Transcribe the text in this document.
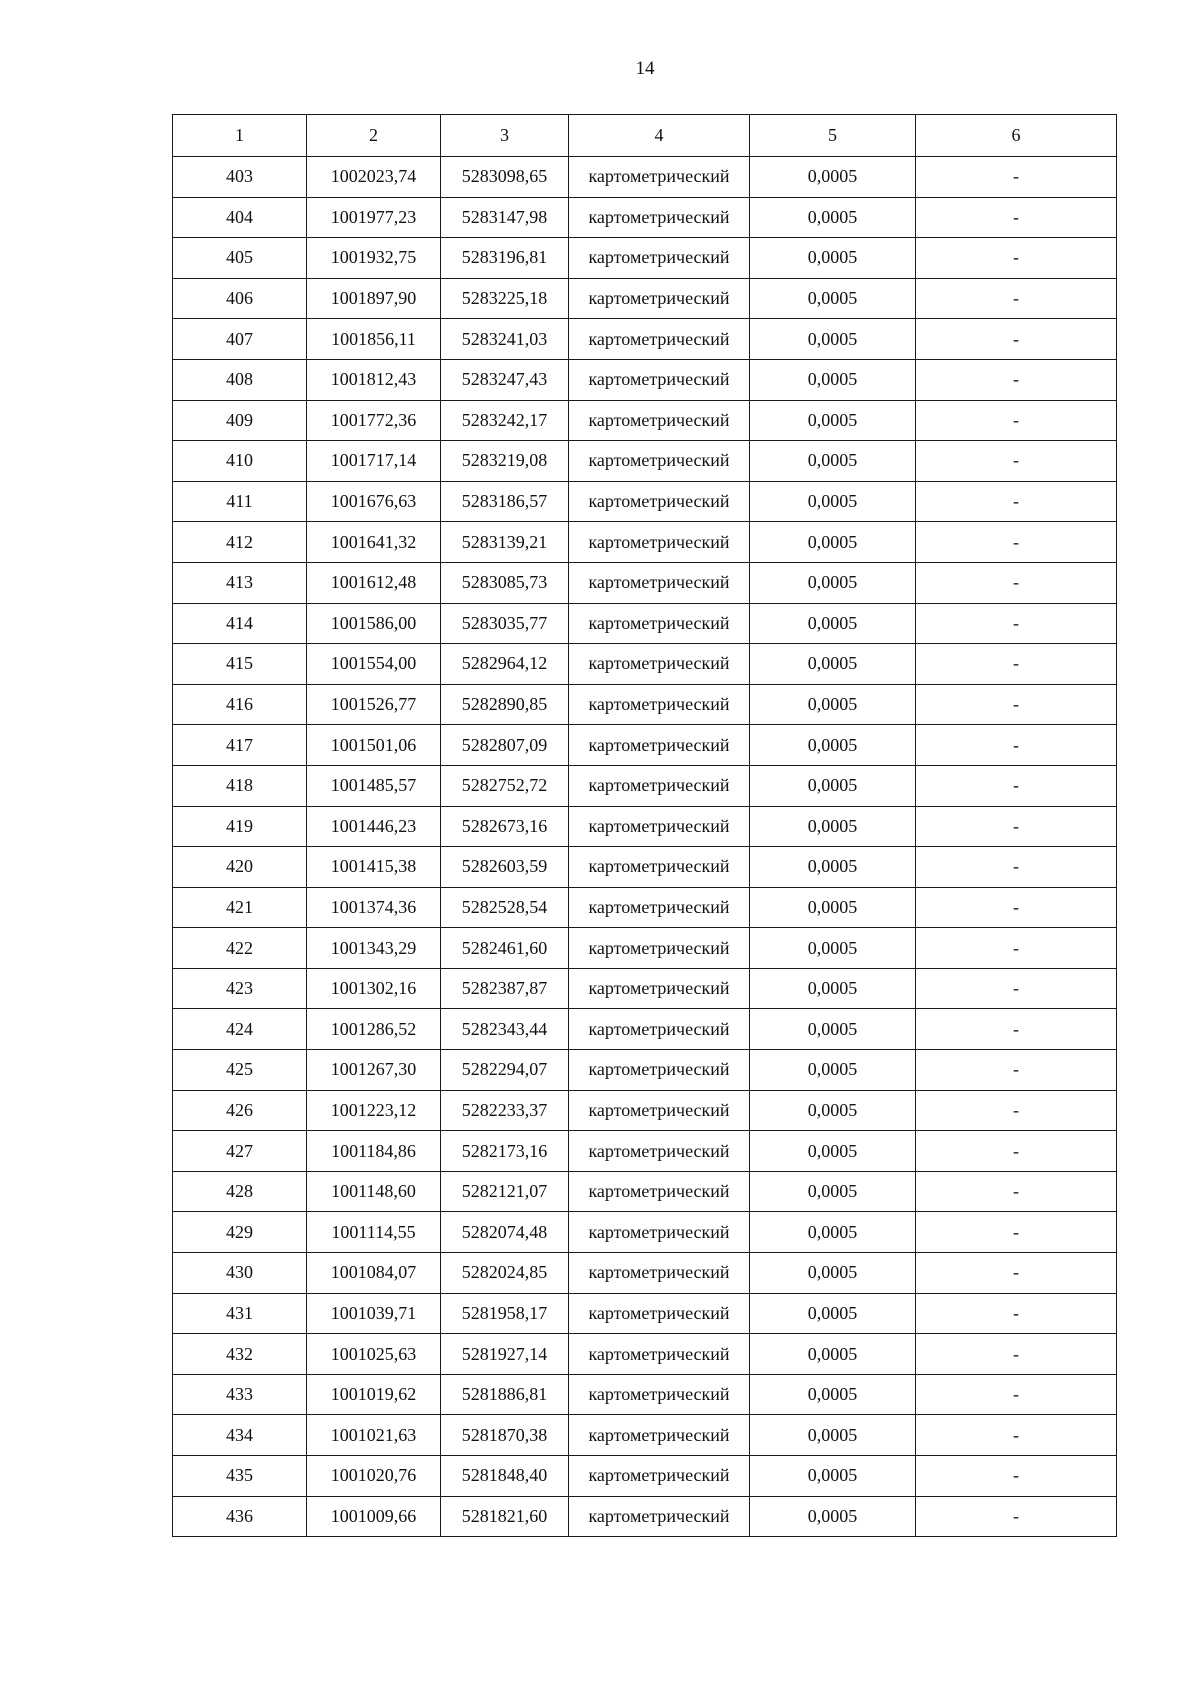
14
1	2	3	4	5	6
403	1002023,74	5283098,65	картометрический	0,0005	-
404	1001977,23	5283147,98	картометрический	0,0005	-
405	1001932,75	5283196,81	картометрический	0,0005	-
406	1001897,90	5283225,18	картометрический	0,0005	-
407	1001856,11	5283241,03	картометрический	0,0005	-
408	1001812,43	5283247,43	картометрический	0,0005	-
409	1001772,36	5283242,17	картометрический	0,0005	-
410	1001717,14	5283219,08	картометрический	0,0005	-
411	1001676,63	5283186,57	картометрический	0,0005	-
412	1001641,32	5283139,21	картометрический	0,0005	-
413	1001612,48	5283085,73	картометрический	0,0005	-
414	1001586,00	5283035,77	картометрический	0,0005	-
415	1001554,00	5282964,12	картометрический	0,0005	-
416	1001526,77	5282890,85	картометрический	0,0005	-
417	1001501,06	5282807,09	картометрический	0,0005	-
418	1001485,57	5282752,72	картометрический	0,0005	-
419	1001446,23	5282673,16	картометрический	0,0005	-
420	1001415,38	5282603,59	картометрический	0,0005	-
421	1001374,36	5282528,54	картометрический	0,0005	-
422	1001343,29	5282461,60	картометрический	0,0005	-
423	1001302,16	5282387,87	картометрический	0,0005	-
424	1001286,52	5282343,44	картометрический	0,0005	-
425	1001267,30	5282294,07	картометрический	0,0005	-
426	1001223,12	5282233,37	картометрический	0,0005	-
427	1001184,86	5282173,16	картометрический	0,0005	-
428	1001148,60	5282121,07	картометрический	0,0005	-
429	1001114,55	5282074,48	картометрический	0,0005	-
430	1001084,07	5282024,85	картометрический	0,0005	-
431	1001039,71	5281958,17	картометрический	0,0005	-
432	1001025,63	5281927,14	картометрический	0,0005	-
433	1001019,62	5281886,81	картометрический	0,0005	-
434	1001021,63	5281870,38	картометрический	0,0005	-
435	1001020,76	5281848,40	картометрический	0,0005	-
436	1001009,66	5281821,60	картометрический	0,0005	-
